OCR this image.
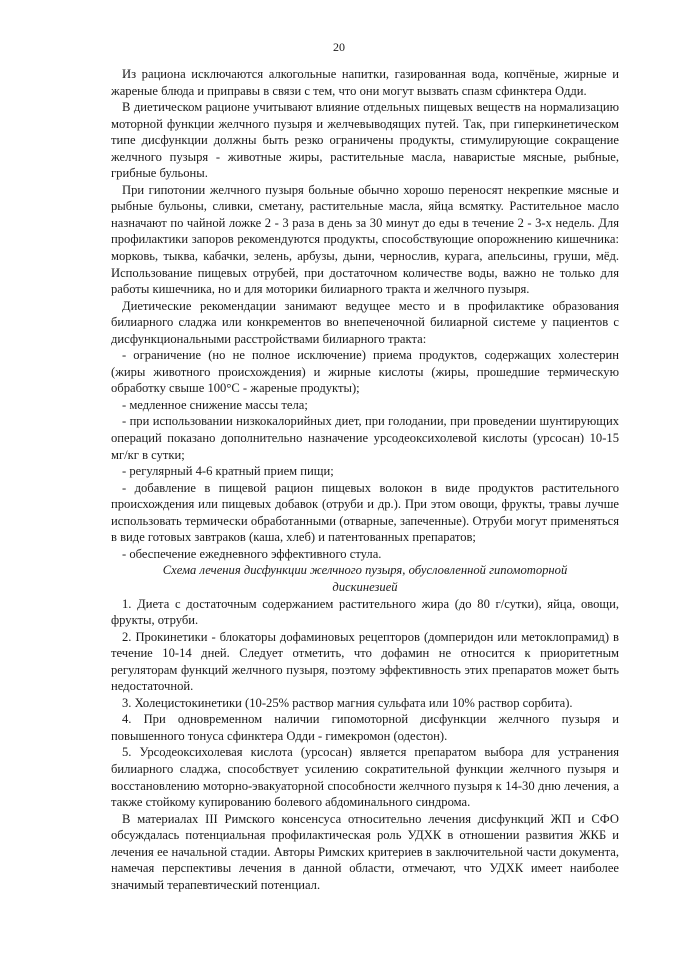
20

Из рациона исключаются алкогольные напитки, газированная вода, копчёные, жирные и жареные блюда и приправы в связи с тем, что они могут вызвать спазм сфинктера Одди.

В диетическом рационе учитывают влияние отдельных пищевых веществ на нормализацию моторной функции желчного пузыря и желчевыводящих путей. Так, при гиперкинетическом типе дисфункции должны быть резко ограничены продукты, стимулирующие сокращение желчного пузыря - животные жиры, растительные масла, наваристые мясные, рыбные, грибные бульоны.

При гипотонии желчного пузыря больные обычно хорошо переносят некрепкие мясные и рыбные бульоны, сливки, сметану, растительные масла, яйца всмятку. Растительное масло назначают по чайной ложке 2 - 3 раза в день за 30 минут до еды в течение 2 - 3-х недель. Для профилактики запоров рекомендуются продукты, способствующие опорожнению кишечника: морковь, тыква, кабачки, зелень, арбузы, дыни, чернослив, курага, апельсины, груши, мёд. Использование пищевых отрубей, при достаточном количестве воды, важно не только для работы кишечника, но и для моторики билиарного тракта и желчного пузыря.

Диетические рекомендации занимают ведущее место и в профилактике образования билиарного сладжа или конкрементов во внепеченочной билиарной системе у пациентов с дисфункциональными расстройствами билиарного тракта:

- ограничение (но не полное исключение) приема продуктов, содержащих холестерин (жиры животного происхождения) и жирные кислоты (жиры, прошедшие термическую обработку свыше 100°С - жареные продукты);

- медленное снижение массы тела;

- при использовании низкокалорийных диет, при голодании, при проведении шунтирующих операций показано дополнительно назначение урсодеоксихолевой кислоты (урсосан) 10-15 мг/кг в сутки;

- регулярный 4-6 кратный прием пищи;

- добавление в пищевой рацион пищевых волокон в виде продуктов растительного происхождения или пищевых добавок (отруби и др.). При этом овощи, фрукты, травы лучше использовать термически обработанными (отварные, запеченные). Отруби могут применяться в виде готовых завтраков (каша, хлеб) и патентованных препаратов;

- обеспечение ежедневного эффективного стула.

Схема лечения дисфункции желчного пузыря, обусловленной гипомоторной дискинезией

1. Диета с достаточным содержанием растительного жира (до 80 г/сутки), яйца, овощи, фрукты, отруби.

2. Прокинетики - блокаторы дофаминовых рецепторов (домперидон или метоклопрамид) в течение 10-14 дней. Следует отметить, что дофамин не относится к приоритетным регуляторам функций желчного пузыря, поэтому эффективность этих препаратов может быть недостаточной.

3. Холецистокинетики (10-25% раствор магния сульфата или 10% раствор сорбита).

4. При одновременном наличии гипомоторной дисфункции желчного пузыря и повышенного тонуса сфинктера Одди - гимекромон (одестон).

5. Урсодеоксихолевая кислота (урсосан) является препаратом выбора для устранения билиарного сладжа, способствует усилению сократительной функции желчного пузыря и восстановлению моторно-эвакуаторной способности желчного пузыря к 14-30 дню лечения, а также стойкому купированию болевого абдоминального синдрома.

В материалах III Римского консенсуса относительно лечения дисфункций ЖП и СФО обсуждалась потенциальная профилактическая роль УДХК в отношении развития ЖКБ и лечения ее начальной стадии. Авторы Римских критериев в заключительной части документа, намечая перспективы лечения в данной области, отмечают, что УДХК имеет наиболее значимый терапевтический потенциал.
